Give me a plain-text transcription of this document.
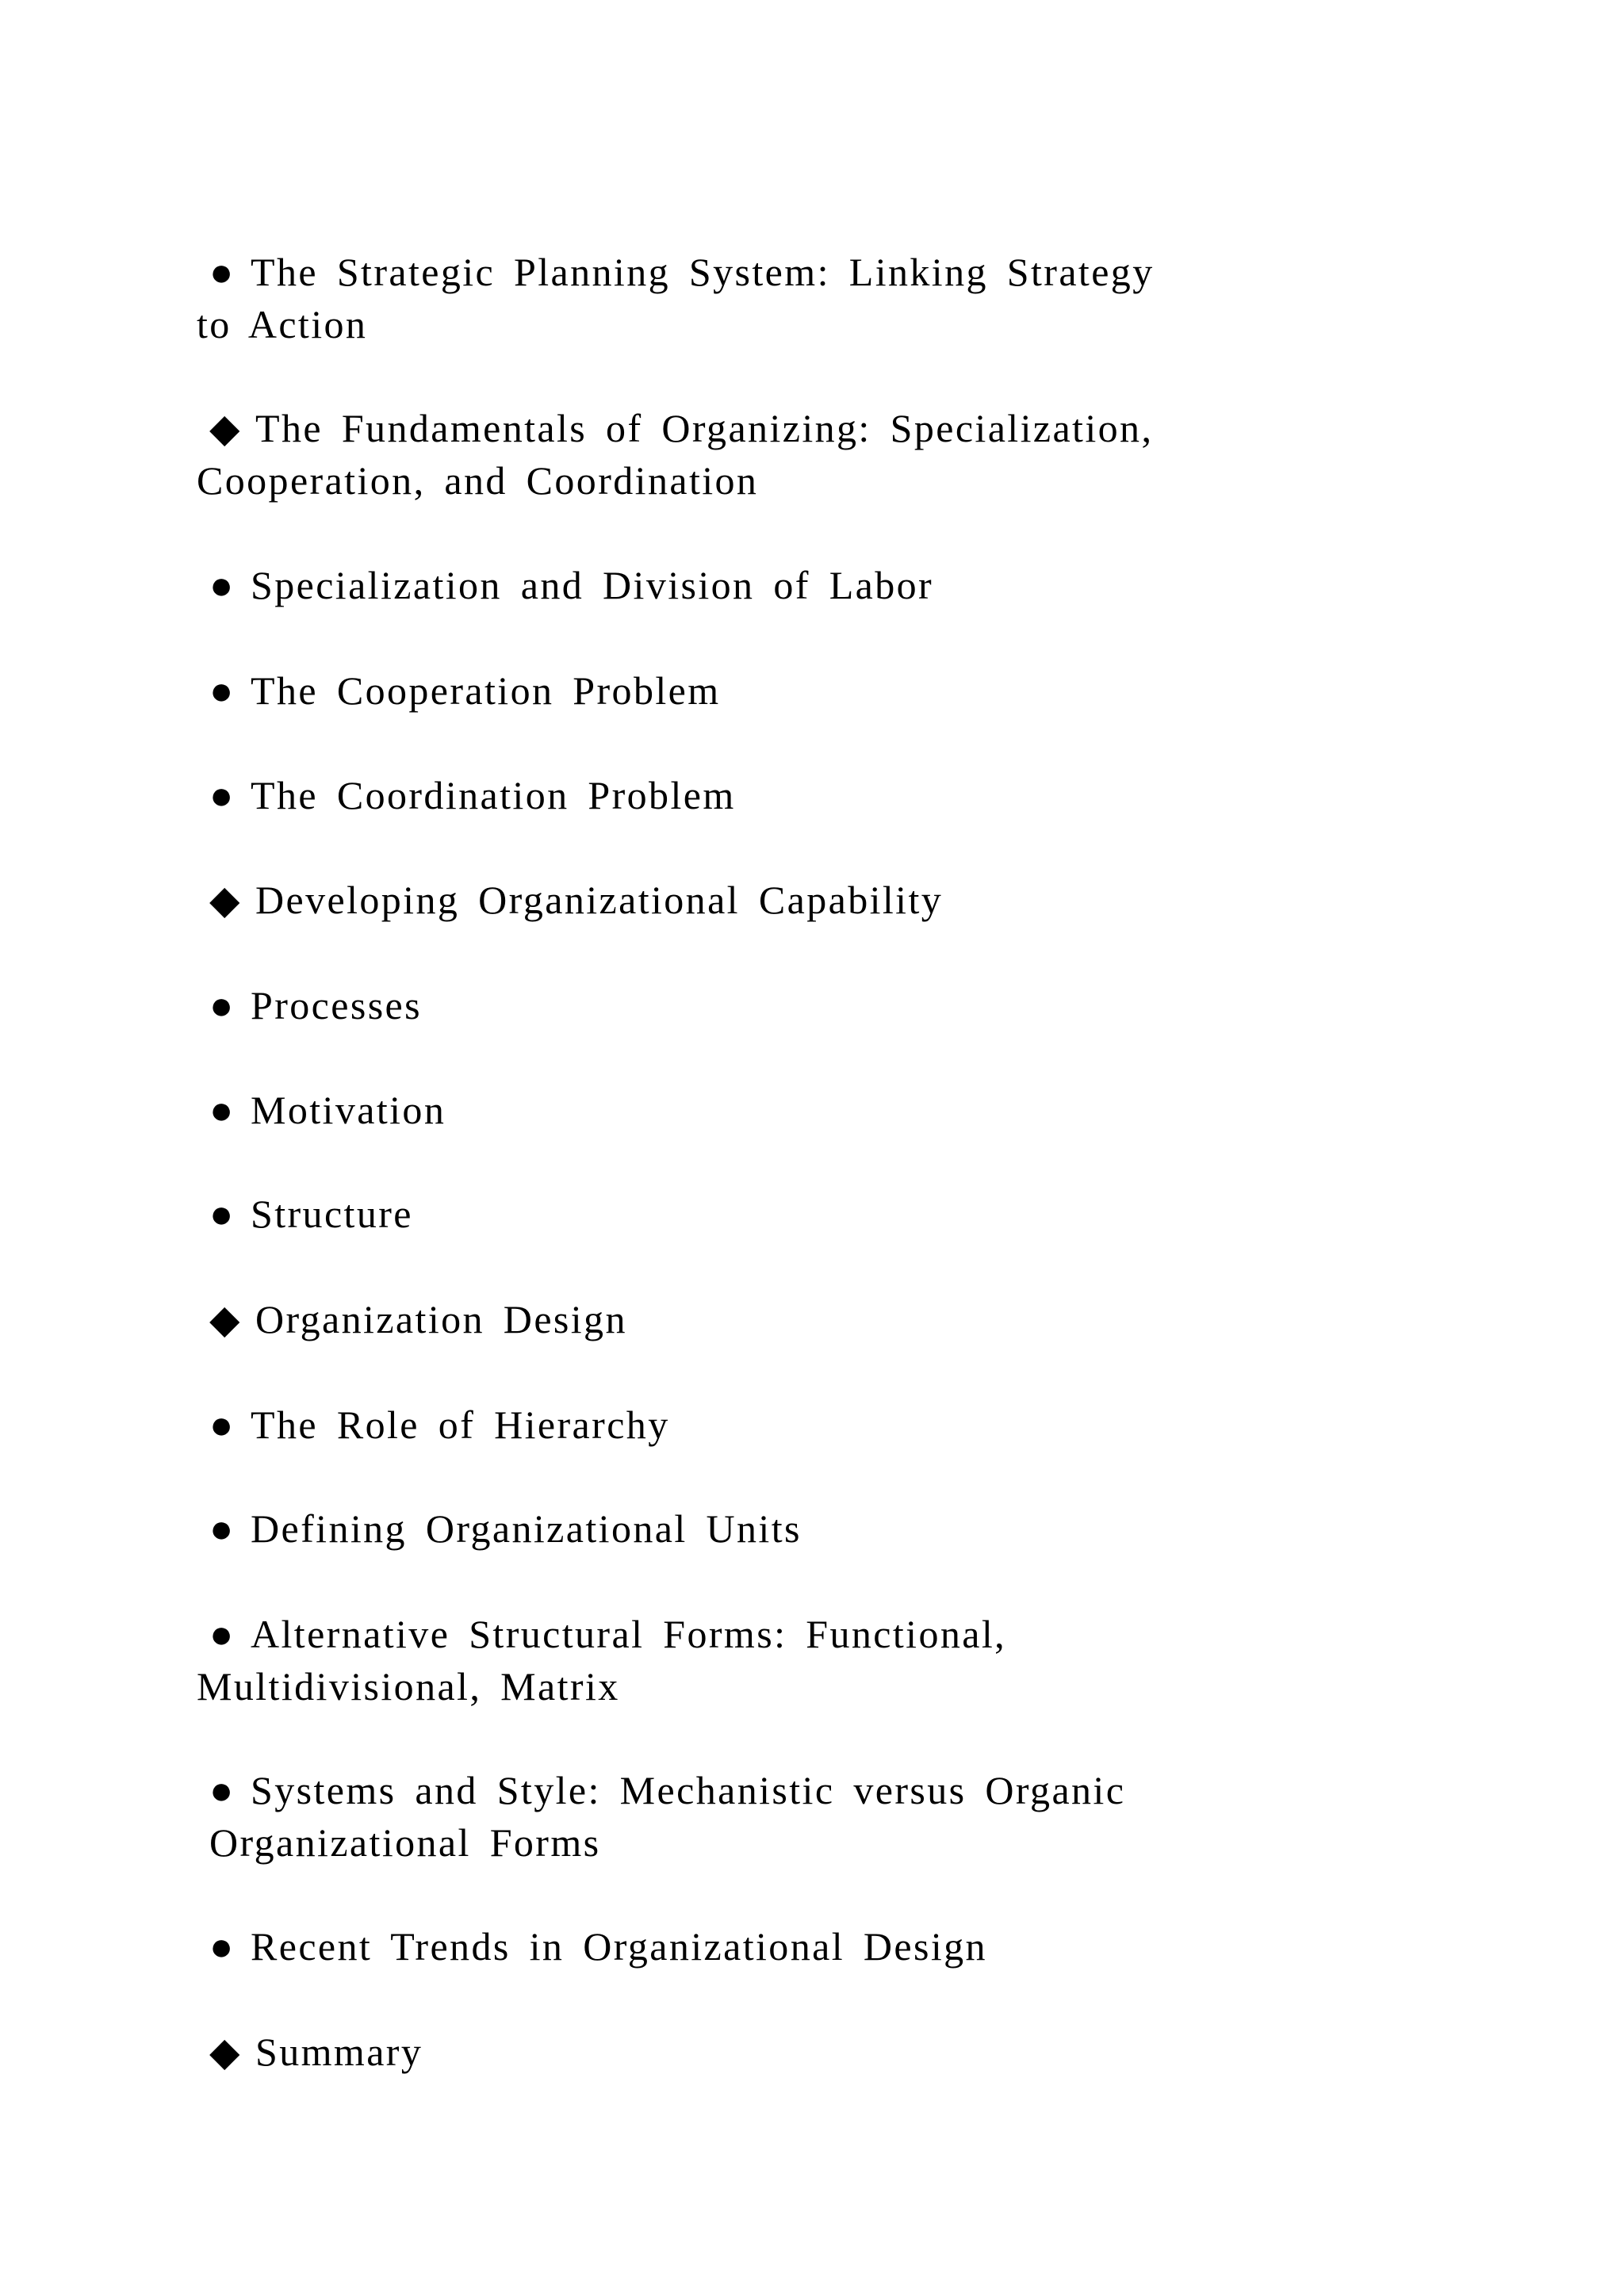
● The Strategic Planning System: Linking Strategy
to Action
◆ The Fundamentals of Organizing: Specialization,
Cooperation, and Coordination
● Specialization and Division of Labor
● The Cooperation Problem
● The Coordination Problem
◆ Developing Organizational Capability
● Processes
● Motivation
● Structure
◆ Organization Design
● The Role of Hierarchy
● Defining Organizational Units
● Alternative Structural Forms: Functional,
Multidivisional, Matrix
● Systems and Style: Mechanistic versus Organic
Organizational Forms
● Recent Trends in Organizational Design
◆ Summary
